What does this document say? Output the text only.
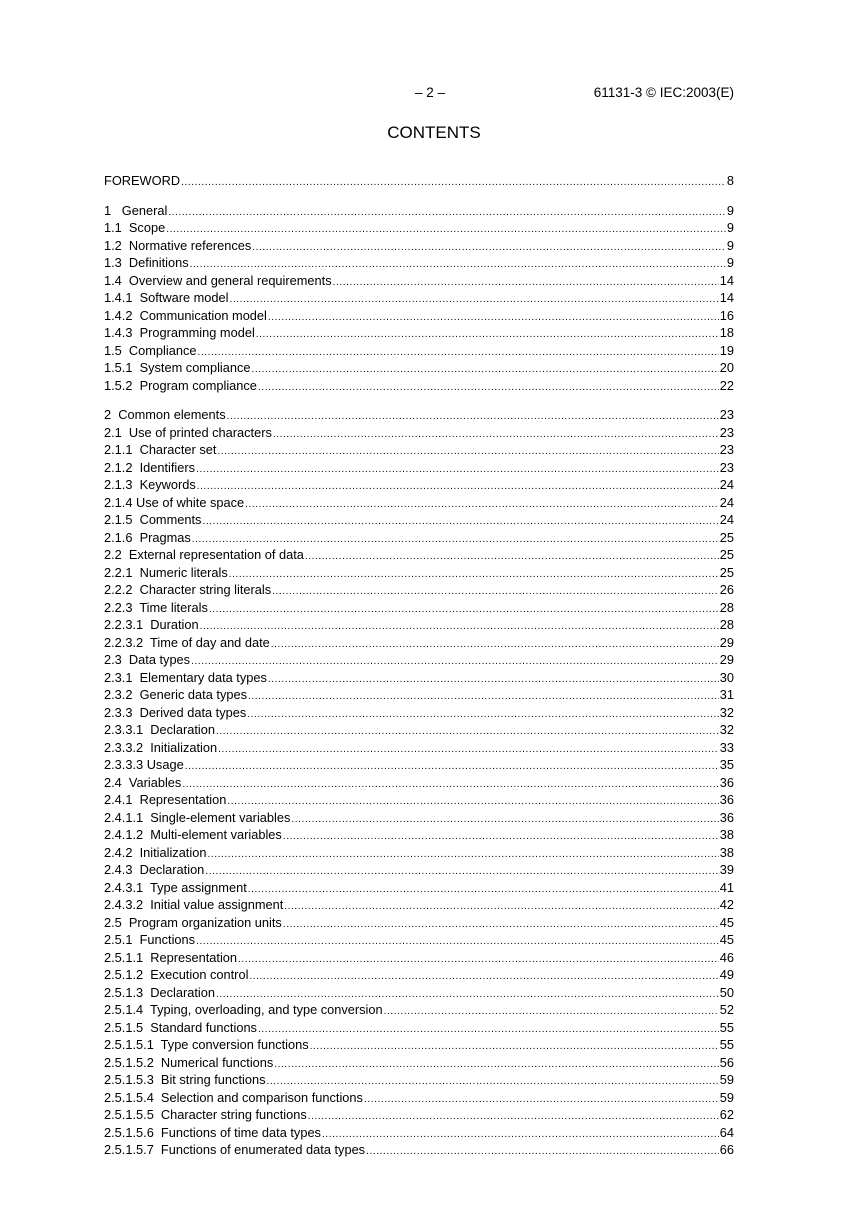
– 2 –	61131-3 © IEC:2003(E)
CONTENTS
FOREWORD .....	8
1   General .....	9
1.1  Scope .....	9
1.2  Normative references .....	9
1.3  Definitions .....	9
1.4  Overview and general requirements .....	14
1.4.1  Software model .....	14
1.4.2  Communication model .....	16
1.4.3  Programming model .....	18
1.5  Compliance .....	19
1.5.1  System compliance .....	20
1.5.2  Program compliance .....	22
2  Common elements .....	23
2.1  Use of printed characters .....	23
2.1.1  Character set .....	23
2.1.2  Identifiers .....	23
2.1.3  Keywords .....	24
2.1.4 Use of white space .....	24
2.1.5  Comments .....	24
2.1.6  Pragmas .....	25
2.2  External representation of data .....	25
2.2.1  Numeric literals .....	25
2.2.2  Character string literals .....	26
2.2.3  Time literals .....	28
2.2.3.1  Duration .....	28
2.2.3.2  Time of day and date .....	29
2.3  Data types .....	29
2.3.1  Elementary data types .....	30
2.3.2  Generic data types .....	31
2.3.3  Derived data types .....	32
2.3.3.1  Declaration .....	32
2.3.3.2  Initialization .....	33
2.3.3.3 Usage .....	35
2.4  Variables .....	36
2.4.1  Representation .....	36
2.4.1.1  Single-element variables .....	36
2.4.1.2  Multi-element variables .....	38
2.4.2  Initialization .....	38
2.4.3  Declaration .....	39
2.4.3.1  Type assignment .....	41
2.4.3.2  Initial value assignment .....	42
2.5  Program organization units .....	45
2.5.1  Functions .....	45
2.5.1.1  Representation .....	46
2.5.1.2  Execution control .....	49
2.5.1.3  Declaration .....	50
2.5.1.4  Typing, overloading, and type conversion .....	52
2.5.1.5  Standard functions .....	55
2.5.1.5.1  Type conversion functions .....	55
2.5.1.5.2  Numerical functions .....	56
2.5.1.5.3  Bit string functions .....	59
2.5.1.5.4  Selection and comparison functions .....	59
2.5.1.5.5  Character string functions .....	62
2.5.1.5.6  Functions of time data types .....	64
2.5.1.5.7  Functions of enumerated data types .....	66
